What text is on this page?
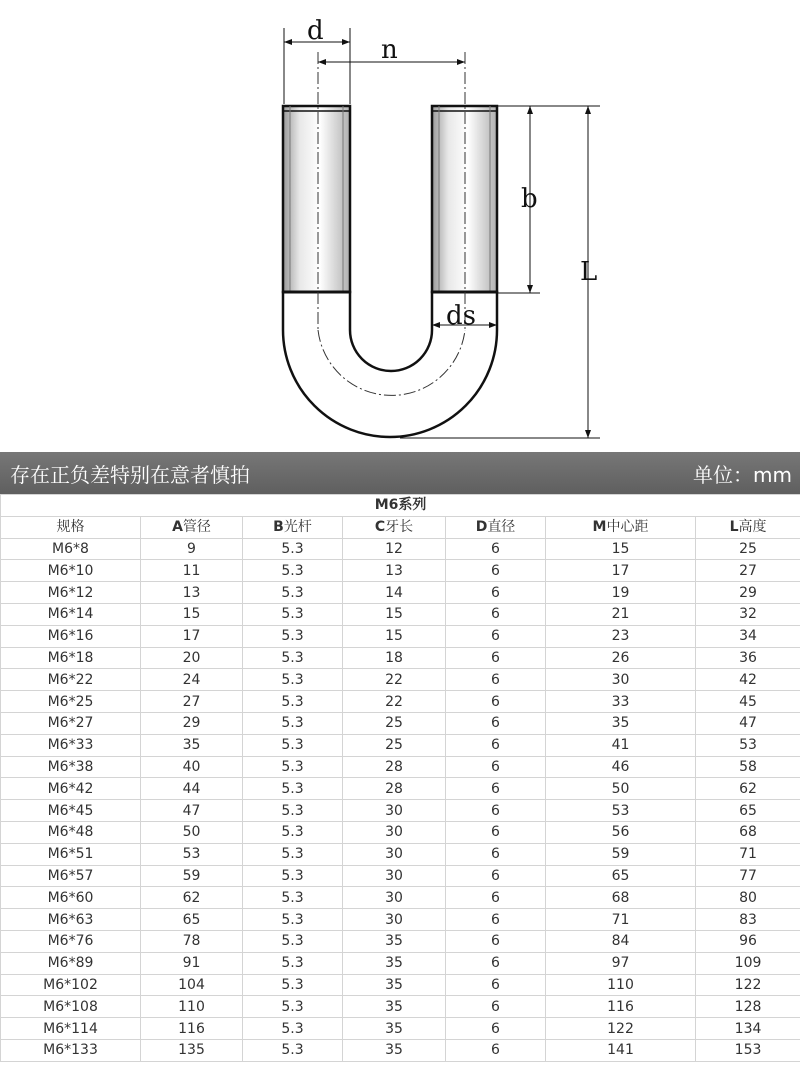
d
n
b
L
ds
存在正负差特别在意者慎拍	单位：mm
M6系列						
规格	A管径	B光杆	C牙长	D直径	M中心距	L高度
M6*8	9	5.3	12	6	15	25
M6*10	11	5.3	13	6	17	27
M6*12	13	5.3	14	6	19	29
M6*14	15	5.3	15	6	21	32
M6*16	17	5.3	15	6	23	34
M6*18	20	5.3	18	6	26	36
M6*22	24	5.3	22	6	30	42
M6*25	27	5.3	22	6	33	45
M6*27	29	5.3	25	6	35	47
M6*33	35	5.3	25	6	41	53
M6*38	40	5.3	28	6	46	58
M6*42	44	5.3	28	6	50	62
M6*45	47	5.3	30	6	53	65
M6*48	50	5.3	30	6	56	68
M6*51	53	5.3	30	6	59	71
M6*57	59	5.3	30	6	65	77
M6*60	62	5.3	30	6	68	80
M6*63	65	5.3	30	6	71	83
M6*76	78	5.3	35	6	84	96
M6*89	91	5.3	35	6	97	109
M6*102	104	5.3	35	6	110	122
M6*108	110	5.3	35	6	116	128
M6*114	116	5.3	35	6	122	134
M6*133	135	5.3	35	6	141	153
